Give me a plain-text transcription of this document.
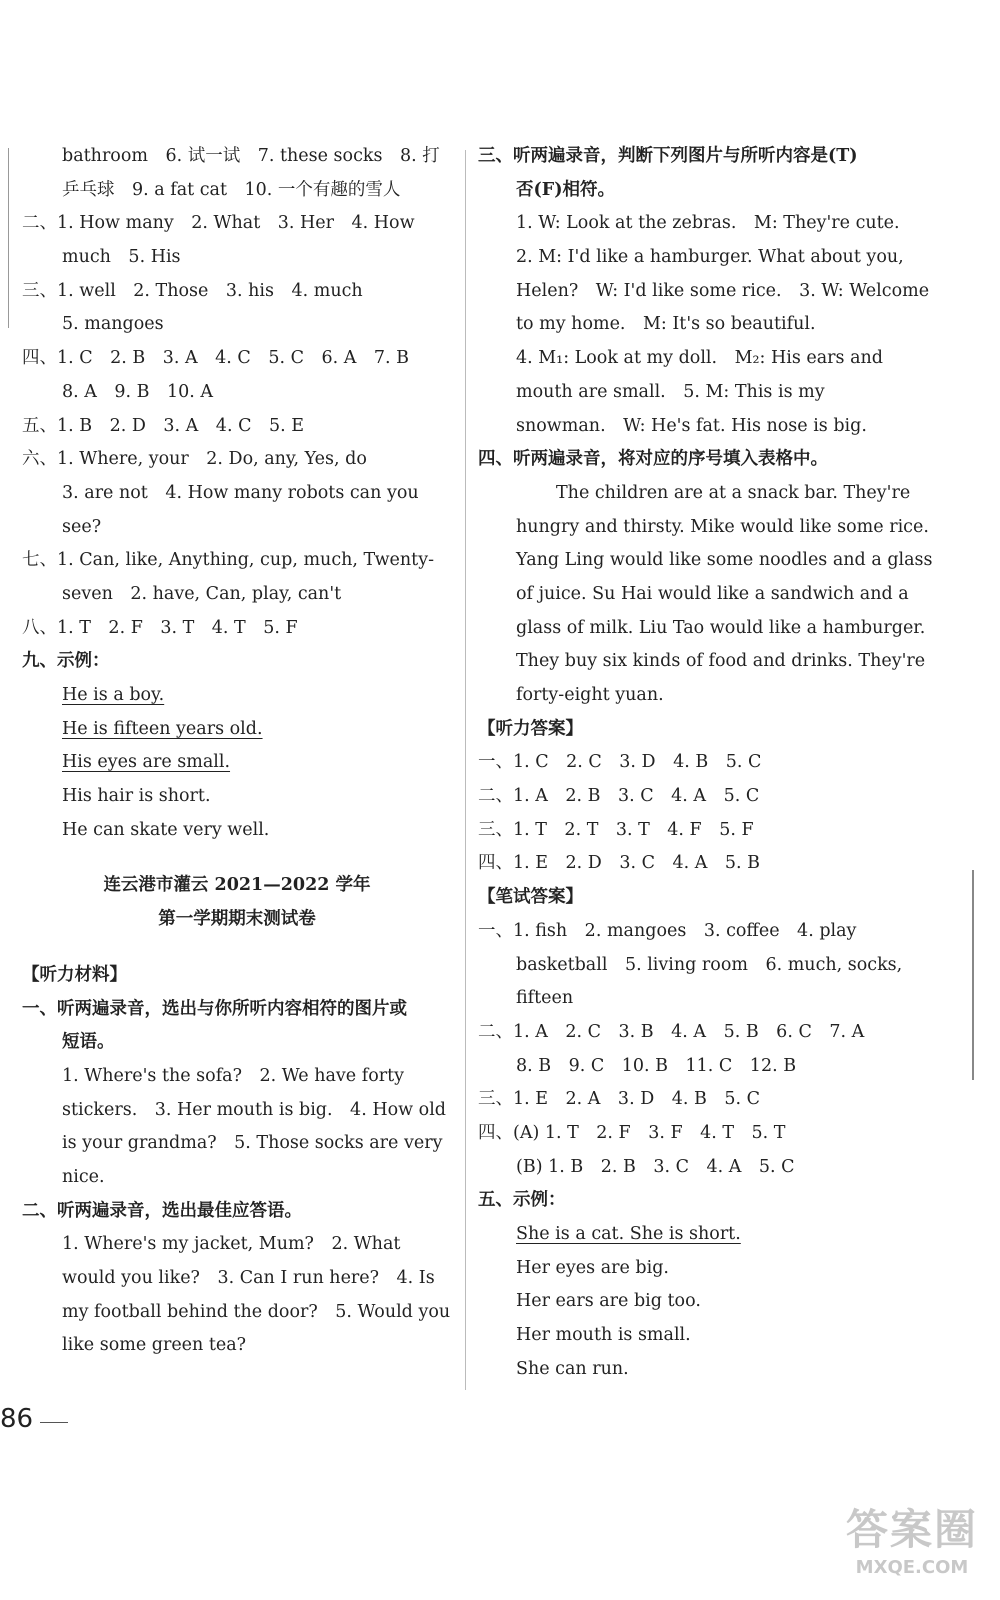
bathroom　6. 试一试　7. these socks　8. 打
乒乓球　9. a fat cat　10. 一个有趣的雪人
二、1. How many　2. What　3. Her　4. How
much　5. His
三、1. well　2. Those　3. his　4. much
5. mangoes
四、1. C　2. B　3. A　4. C　5. C　6. A　7. B
8. A　9. B　10. A
五、1. B　2. D　3. A　4. C　5. E
六、1. Where, your　2. Do, any, Yes, do
3. are not　4. How many robots can you
see?
七、1. Can, like, Anything, cup, much, Twenty-
seven　2. have, Can, play, can't
八、1. T　2. F　3. T　4. T　5. F
九、示例：
He is a boy.
He is fifteen years old.
His eyes are small.
His hair is short.
He can skate very well.
连云港市灌云 2021—2022 学年
第一学期期末测试卷
【听力材料】
一、听两遍录音，选出与你所听内容相符的图片或
短语。
1. Where's the sofa?　2. We have forty
stickers.　3. Her mouth is big.　4. How old
is your grandma?　5. Those socks are very
nice.
二、听两遍录音，选出最佳应答语。
1. Where's my jacket, Mum?　2. What
would you like?　3. Can I run here?　4. Is
my football behind the door?　5. Would you
like some green tea?
三、听两遍录音，判断下列图片与所听内容是(T)
否(F)相符。
1. W: Look at the zebras.　M: They're cute.
2. M: I'd like a hamburger. What about you,
Helen?　W: I'd like some rice.　3. W: Welcome
to my home.　M: It's so beautiful.
4. M₁: Look at my doll.　M₂: His ears and
mouth are small.　5. M: This is my
snowman.　W: He's fat. His nose is big.
四、听两遍录音，将对应的序号填入表格中。
The children are at a snack bar. They're
hungry and thirsty. Mike would like some rice.
Yang Ling would like some noodles and a glass
of juice. Su Hai would like a sandwich and a
glass of milk. Liu Tao would like a hamburger.
They buy six kinds of food and drinks. They're
forty-eight yuan.
【听力答案】
一、1. C　2. C　3. D　4. B　5. C
二、1. A　2. B　3. C　4. A　5. C
三、1. T　2. T　3. T　4. F　5. F
四、1. E　2. D　3. C　4. A　5. B
【笔试答案】
一、1. fish　2. mangoes　3. coffee　4. play
basketball　5. living room　6. much, socks,
fifteen
二、1. A　2. C　3. B　4. A　5. B　6. C　7. A
8. B　9. C　10. B　11. C　12. B
三、1. E　2. A　3. D　4. B　5. C
四、(A) 1. T　2. F　3. F　4. T　5. T
(B) 1. B　2. B　3. C　4. A　5. C
五、示例：
She is a cat. She is short.
Her eyes are big.
Her ears are big too.
Her mouth is small.
She can run.
86
答案圈
MXQE.COM
